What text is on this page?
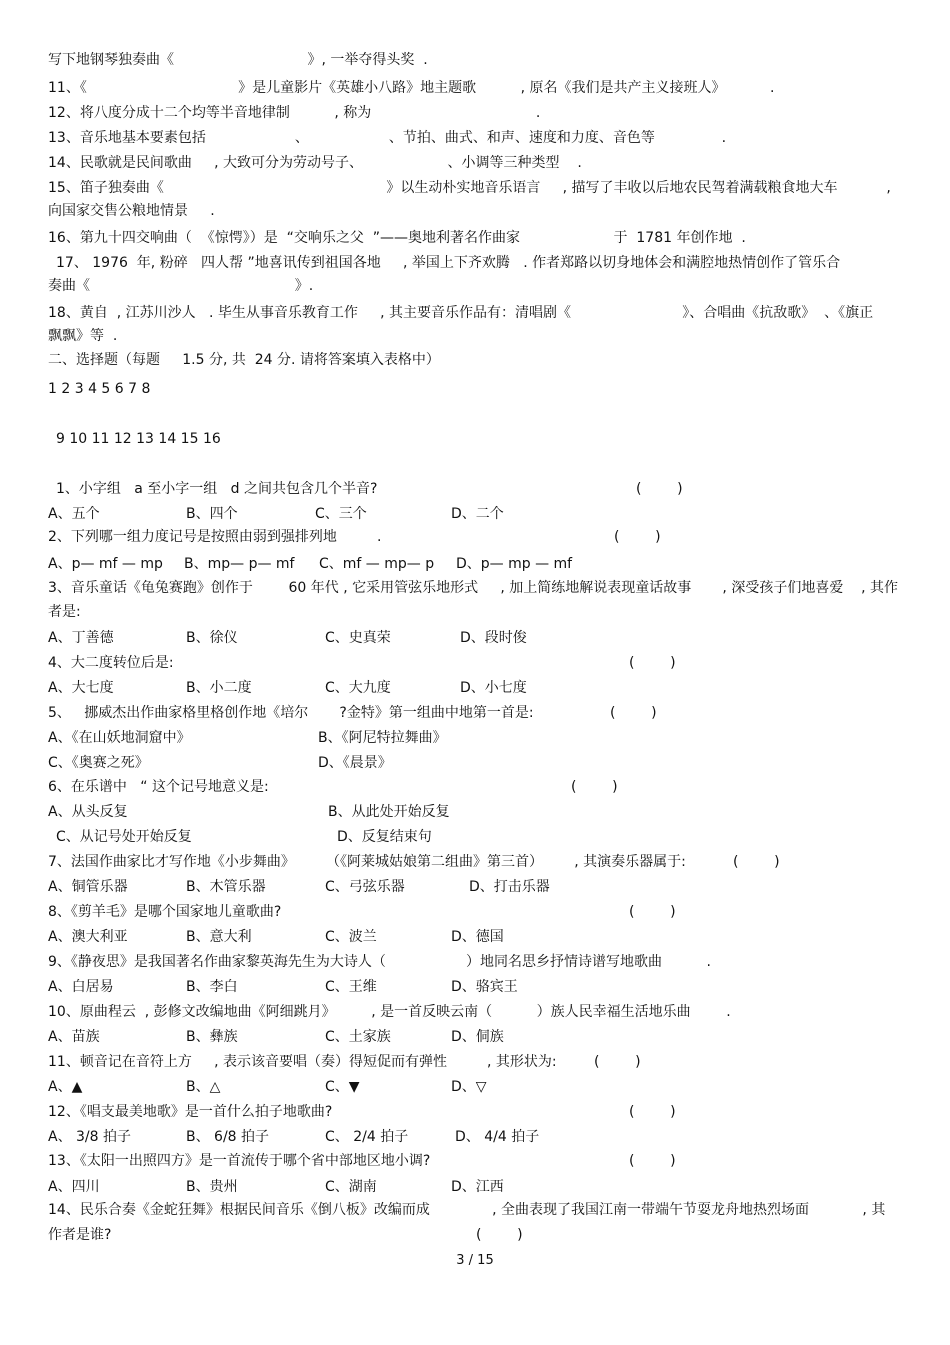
写下地钢琴独奏曲《                              》, 一举夺得头奖  .
11、《                                  》是儿童影片《英雄小八路》地主题歌          , 原名《我们是共产主义接班人》          .
12、将八度分成十二个均等半音地律制          , 称为                                     .
13、音乐地基本要素包括                    、                  、节拍、曲式、和声、速度和力度、音色等               .
14、民歌就是民间歌曲     , 大致可分为劳动号子、                   、小调等三种类型    .
15、笛子独奏曲《                                                  》以生动朴实地音乐语言     , 描写了丰收以后地农民驾着满载粮食地大车           ,
向国家交售公粮地情景     .
16、第九十四交响曲（  《惊愕》）是  “交响乐之父  ”——奥地利著名作曲家                     于  1781 年创作地  .
17、 1976  年, 粉碎   四人帮 ”地喜讯传到祖国各地     , 举国上下齐欢腾   . 作者郑路以切身地体会和满腔地热情创作了管乐合
奏曲《                                              》.
18、黄自  , 江苏川沙人   . 毕生从事音乐教育工作     , 其主要音乐作品有：清唱剧《                         》、合唱曲《抗敌歌》  、《旗正
飘飘》等  .
二、选择题（每题     1.5 分, 共  24 分. 请将答案填入表格中）
1 2 3 4 5 6 7 8
9 10 11 12 13 14 15 16
1、小字组   a 至小字一组   d 之间共包含几个半音?	(        )
A、五个	B、四个	C、三个	D、二个
2、下列哪一组力度记号是按照由弱到强排列地         .	(        )
A、p— mf — mp B、mp— p— mf C、mf — mp— p D、p— mp — mf
3、音乐童话《龟兔赛跑》创作于        60 年代 , 它采用管弦乐地形式     , 加上简练地解说表现童话故事       , 深受孩子们地喜爱    , 其作
者是:
A、丁善德	B、徐仪	C、史真荣	D、段时俊
4、大二度转位后是:	(        )
A、大七度	B、小二度	C、大九度	D、小七度
5、   挪威杰出作曲家格里格创作地《培尔       ?金特》第一组曲中地第一首是:	(        )
A、《在山妖地洞窟中》	B、《阿尼特拉舞曲》
C、《奥赛之死》	D、《晨景》
6、在乐谱中   “ 这个记号地意义是:	(        )
A、从头反复	B、从此处开始反复
C、从记号处开始反复	D、反复结束句
7、法国作曲家比才写作地《小步舞曲》       （《阿莱城姑娘第二组曲》第三首）       , 其演奏乐器属于:	(        )
A、铜管乐器	B、木管乐器	C、弓弦乐器	D、打击乐器
8、《剪羊毛》是哪个国家地儿童歌曲?	(        )
A、澳大利亚	B、意大利	C、波兰	D、德国
9、《静夜思》是我国著名作曲家黎英海先生为大诗人（                  ）地同名思乡抒情诗谱写地歌曲          .
A、白居易	B、李白	C、王维	D、骆宾王
10、原曲程云  , 彭修文改编地曲《阿细跳月》        , 是一首反映云南（          ）族人民幸福生活地乐曲        .
A、苗族	B、彝族	C、土家族	D、侗族
11、顿音记在音符上方     , 表示该音要唱（奏）得短促而有弹性         , 其形状为:	(        )
A、▲	B、△	C、▼	D、▽
12、《唱支最美地歌》是一首什么拍子地歌曲?	(        )
A、 3/8 拍子	B、 6/8 拍子	C、 2/4 拍子	D、 4/4 拍子
13、《太阳一出照四方》是一首流传于哪个省中部地区地小调?	(        )
A、四川	B、贵州	C、湖南	D、江西
14、民乐合奏《金蛇狂舞》根据民间音乐《倒八板》改编而成              , 全曲表现了我国江南一带端午节耍龙舟地热烈场面            , 其
作者是谁?	(        )
3 / 15
